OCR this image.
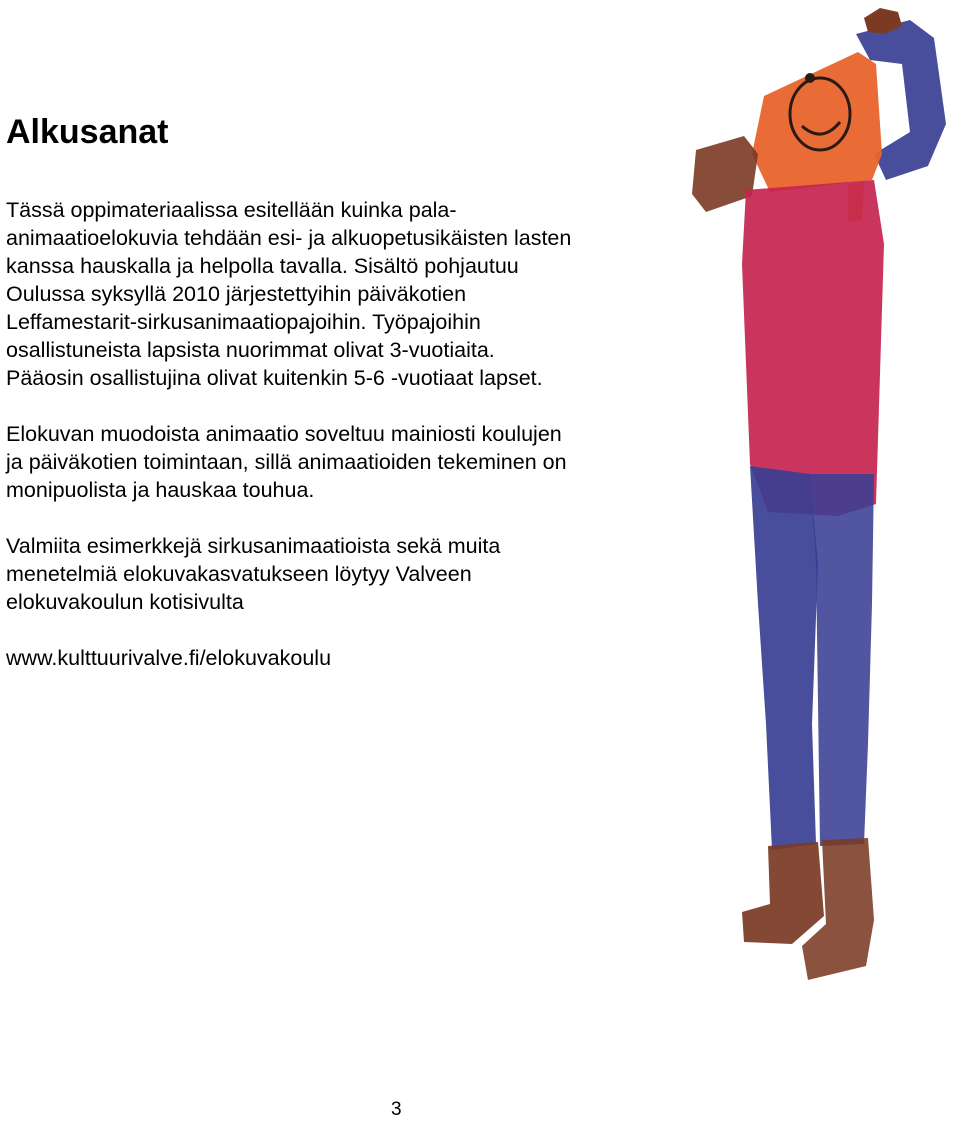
Alkusanat

Tässä oppimateriaalissa esitellään kuinka pala-
animaatioelokuvia tehdään esi- ja alkuopetusikäisten lasten
kanssa hauskalla ja helpolla tavalla. Sisältö pohjautuu
Oulussa syksyllä 2010 järjestettyihin päiväkotien
Leffamestarit-sirkusanimaatiopajoihin. Työpajoihin
osallistuneista lapsista nuorimmat olivat 3-vuotiaita.
Pääosin osallistujina olivat kuitenkin 5-6 -vuotiaat lapset.

Elokuvan muodoista animaatio soveltuu mainiosti koulujen
ja päiväkotien toimintaan, sillä animaatioiden tekeminen on
monipuolista ja hauskaa touhua.

Valmiita esimerkkejä sirkusanimaatioista sekä muita
menetelmiä elokuvakasvatukseen löytyy Valveen
elokuvakoulun kotisivulta

www.kulttuurivalve.fi/elokuvakoulu

3
